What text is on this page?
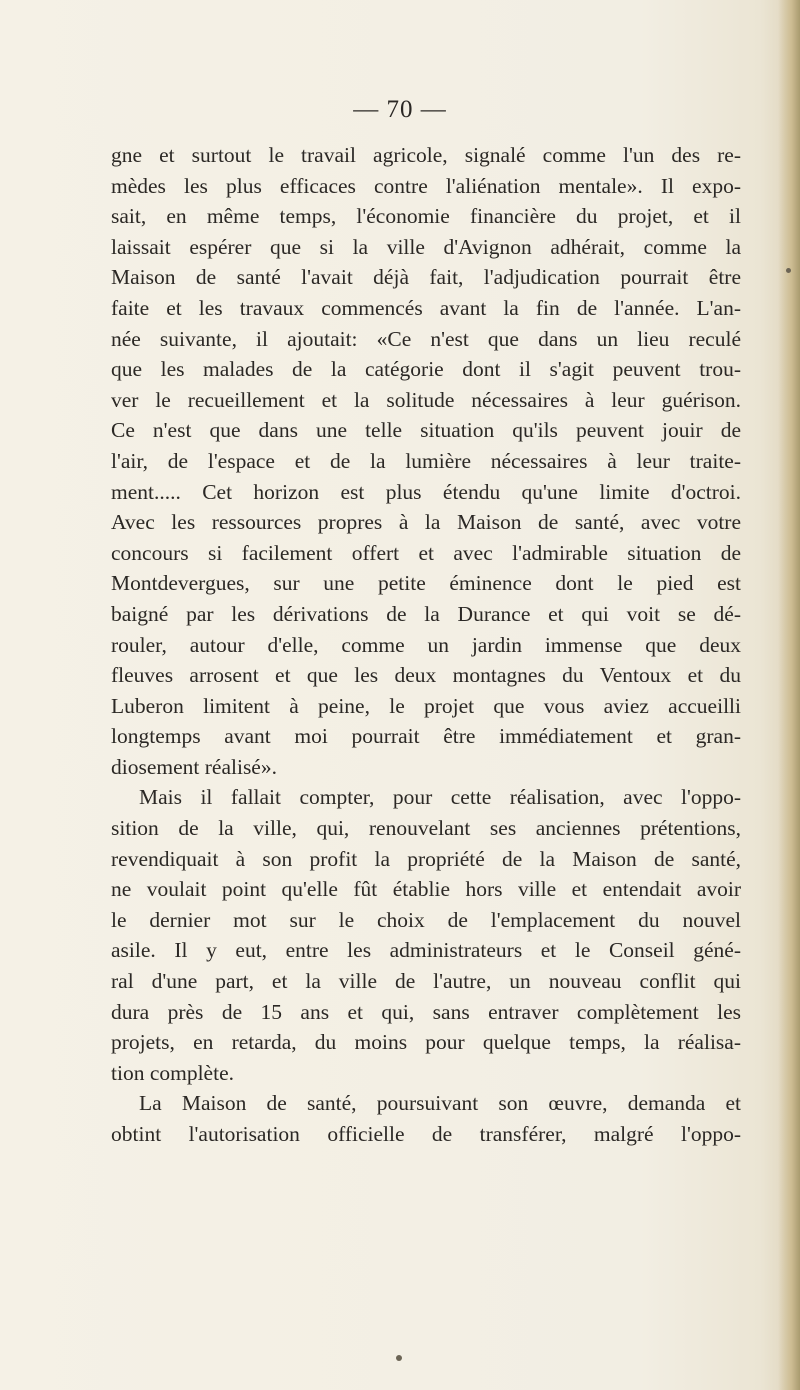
— 70 —
gne et surtout le travail agricole, signalé comme l'un des re-
mèdes les plus efficaces contre l'aliénation mentale». Il expo-
sait, en même temps, l'économie financière du projet, et il
laissait espérer que si la ville d'Avignon adhérait, comme la
Maison de santé l'avait déjà fait, l'adjudication pourrait être
faite et les travaux commencés avant la fin de l'année. L'an-
née suivante, il ajoutait: «Ce n'est que dans un lieu reculé
que les malades de la catégorie dont il s'agit peuvent trou-
ver le recueillement et la solitude nécessaires à leur guérison.
Ce n'est que dans une telle situation qu'ils peuvent jouir de
l'air, de l'espace et de la lumière nécessaires à leur traite-
ment..... Cet horizon est plus étendu qu'une limite d'octroi.
Avec les ressources propres à la Maison de santé, avec votre
concours si facilement offert et avec l'admirable situation de
Montdevergues, sur une petite éminence dont le pied est
baigné par les dérivations de la Durance et qui voit se dé-
rouler, autour d'elle, comme un jardin immense que deux
fleuves arrosent et que les deux montagnes du Ventoux et du
Luberon limitent à peine, le projet que vous aviez accueilli
longtemps avant moi pourrait être immédiatement et gran-
diosement réalisé».
Mais il fallait compter, pour cette réalisation, avec l'oppo-
sition de la ville, qui, renouvelant ses anciennes prétentions,
revendiquait à son profit la propriété de la Maison de santé,
ne voulait point qu'elle fût établie hors ville et entendait avoir
le dernier mot sur le choix de l'emplacement du nouvel
asile. Il y eut, entre les administrateurs et le Conseil géné-
ral d'une part, et la ville de l'autre, un nouveau conflit qui
dura près de 15 ans et qui, sans entraver complètement les
projets, en retarda, du moins pour quelque temps, la réalisa-
tion complète.
La Maison de santé, poursuivant son œuvre, demanda et
obtint l'autorisation officielle de transférer, malgré l'oppo-
